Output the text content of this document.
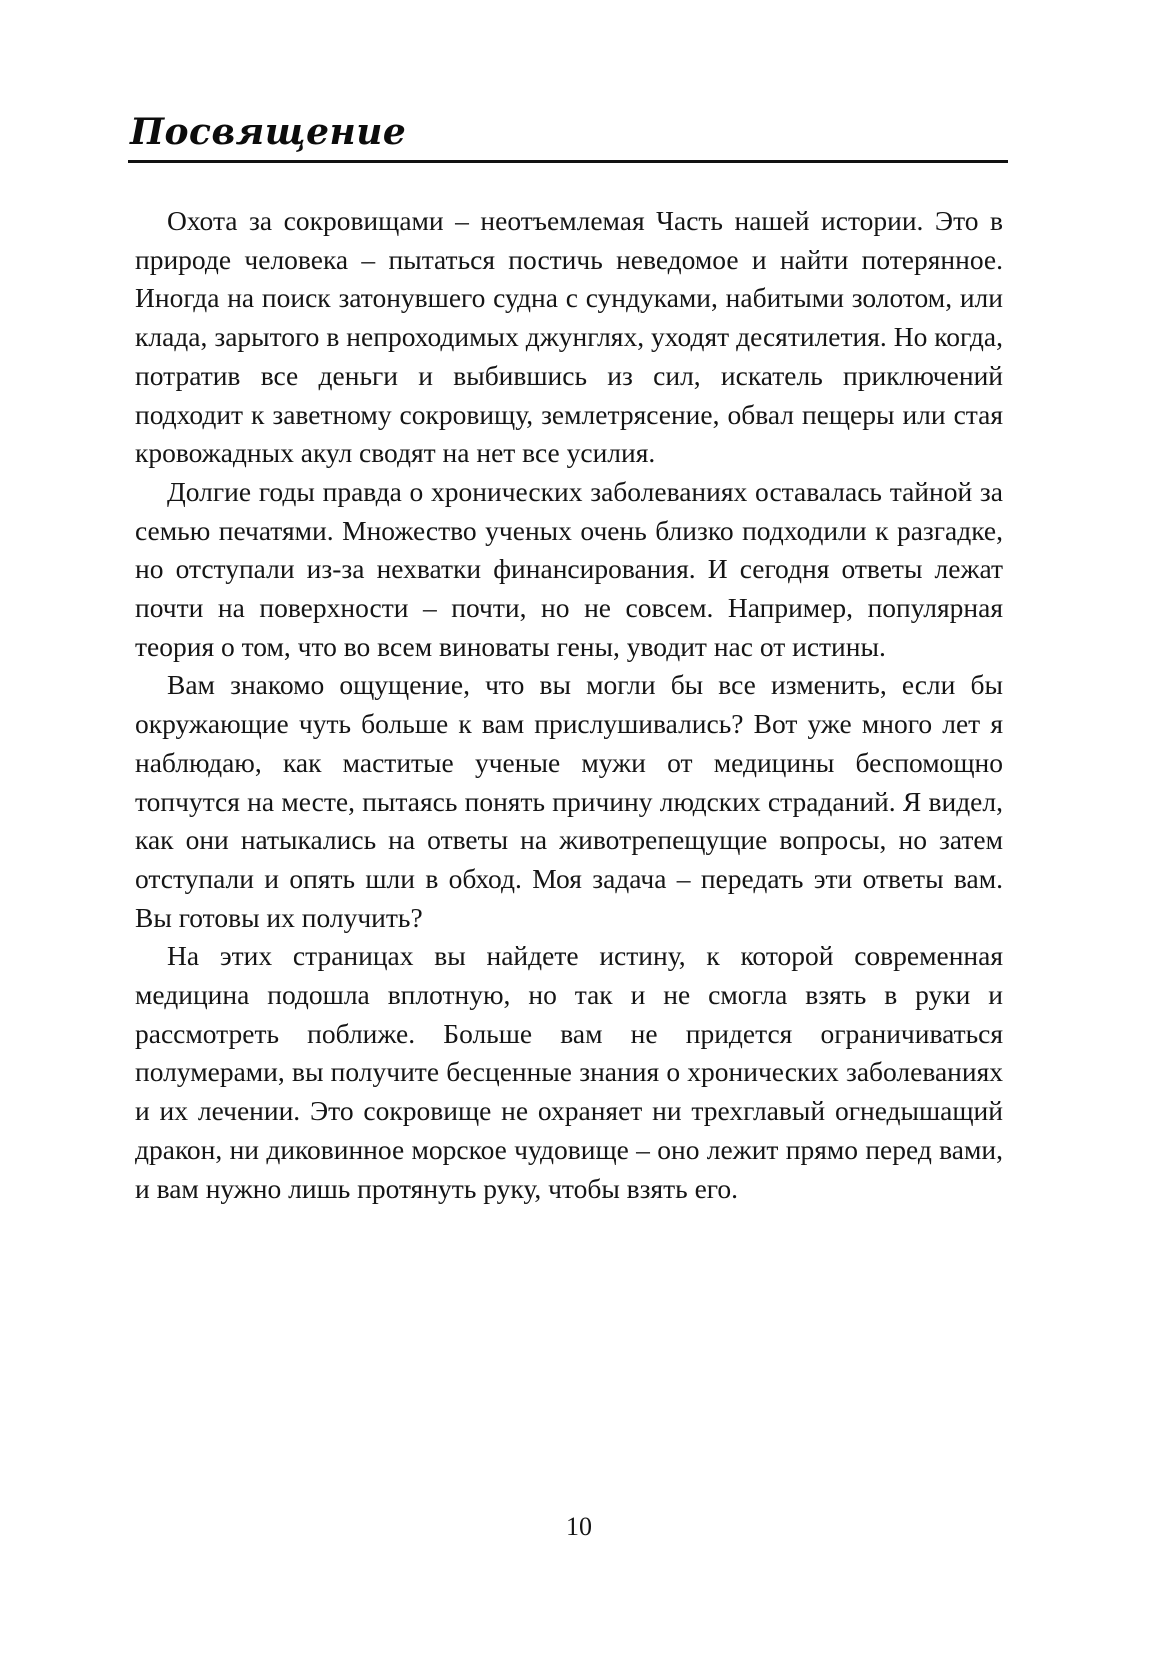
Посвящение

Охота за сокровищами – неотъемлемая Часть нашей истории. Это в природе человека – пытаться постичь неведомое и найти потерянное. Иногда на поиск затонувшего судна с сундуками, набитыми золотом, или клада, зарытого в непроходимых джунглях, уходят десятилетия. Но когда, потратив все деньги и выбившись из сил, искатель приключений подходит к заветному сокровищу, землетрясение, обвал пещеры или стая кровожадных акул сводят на нет все усилия.

Долгие годы правда о хронических заболеваниях оставалась тайной за семью печатями. Множество ученых очень близко подходили к разгадке, но отступали из-за нехватки финансирования. И сегодня ответы лежат почти на поверхности – почти, но не совсем. Например, популярная теория о том, что во всем виноваты гены, уводит нас от истины.

Вам знакомо ощущение, что вы могли бы все изменить, если бы окружающие чуть больше к вам прислушивались? Вот уже много лет я наблюдаю, как маститые ученые мужи от медицины беспомощно топчутся на месте, пытаясь понять причину людских страданий. Я видел, как они натыкались на ответы на животрепещущие вопросы, но затем отступали и опять шли в обход. Моя задача – передать эти ответы вам. Вы готовы их получить?

На этих страницах вы найдете истину, к которой современная медицина подошла вплотную, но так и не смогла взять в руки и рассмотреть поближе. Больше вам не придется ограничиваться полумерами, вы получите бесценные знания о хронических заболеваниях и их лечении. Это сокровище не охраняет ни трехглавый огнедышащий дракон, ни диковинное морское чудовище – оно лежит прямо перед вами, и вам нужно лишь протянуть руку, чтобы взять его.

10
